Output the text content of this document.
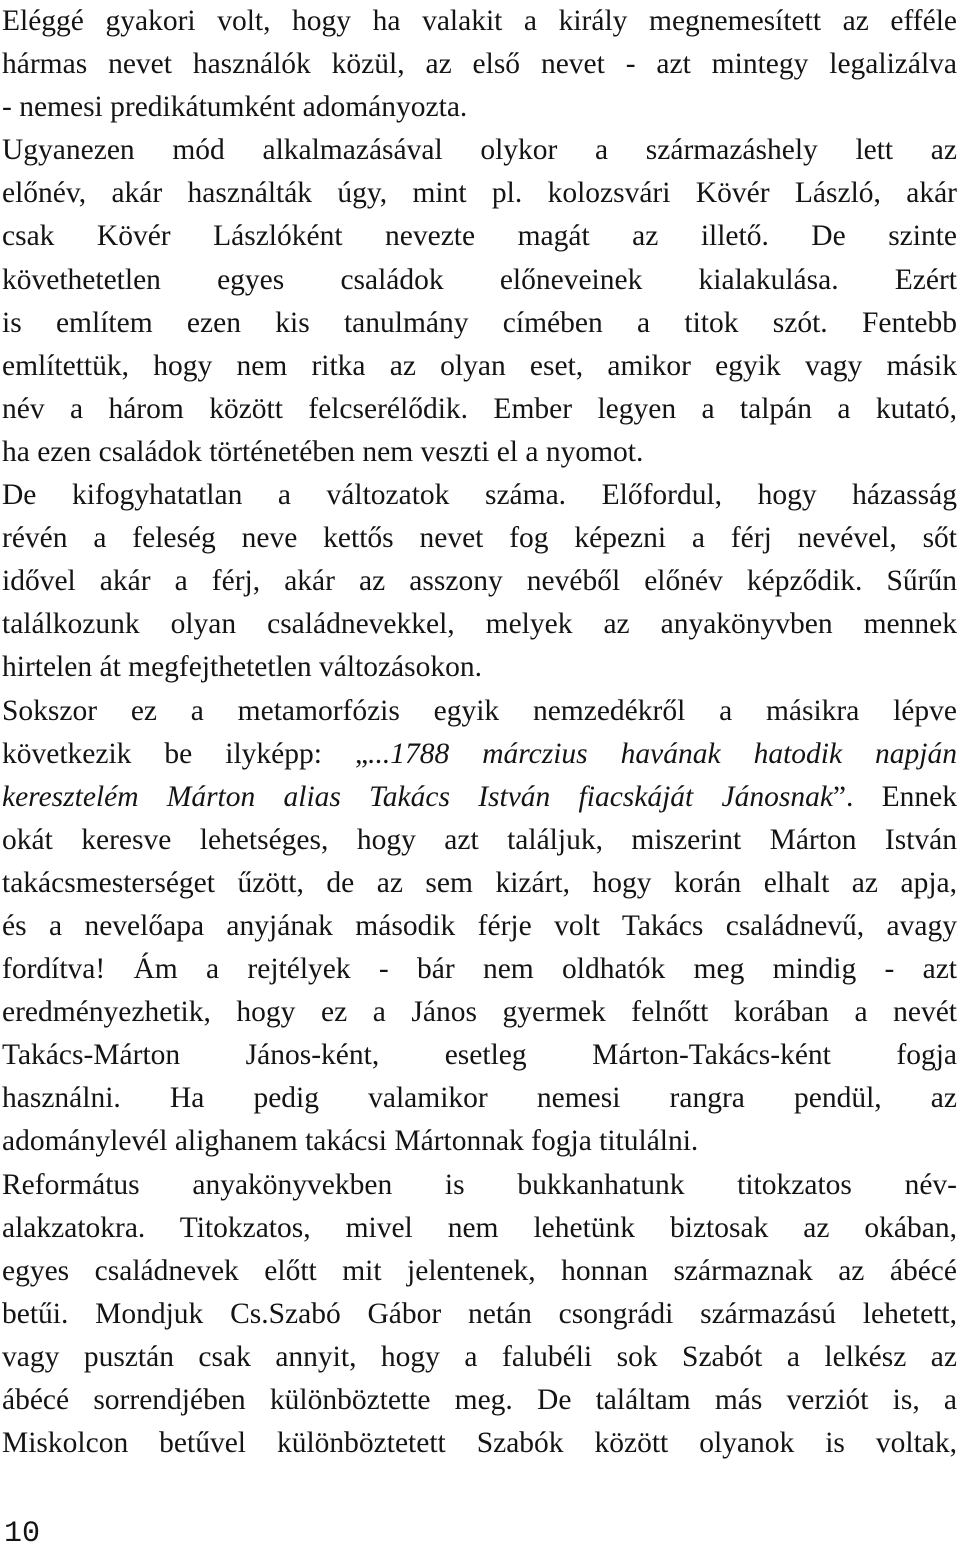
Eléggé gyakori volt, hogy ha valakit a király megnemesített az efféle
hármas nevet használók közül, az első nevet - azt mintegy legalizálva
- nemesi predikátumként adományozta.
Ugyanezen mód alkalmazásával olykor a származáshely lett az
előnév, akár használták úgy, mint pl. kolozsvári Kövér László, akár
csak Kövér Lászlóként nevezte magát az illető. De szinte
követhetetlen egyes családok előneveinek kialakulása. Ezért
is említem ezen kis tanulmány címében a titok szót. Fentebb
említettük, hogy nem ritka az olyan eset, amikor egyik vagy másik
név a három között felcserélődik. Ember legyen a talpán a kutató,
ha ezen családok történetében nem veszti el a nyomot.
De kifogyhatatlan a változatok száma. Előfordul, hogy házasság
révén a feleség neve kettős nevet fog képezni a férj nevével, sőt
idővel akár a férj, akár az asszony nevéből előnév képződik. Sűrűn
találkozunk olyan családnevekkel, melyek az anyakönyvben mennek
hirtelen át megfejthetetlen változásokon.
Sokszor ez a metamorfózis egyik nemzedékről a másikra lépve
következik be ilyképp: „...1788 márczius havának hatodik napján
keresztelém Márton alias Takács István fiacskáját Jánosnak”. Ennek
okát keresve lehetséges, hogy azt találjuk, miszerint Márton István
takácsmesterséget űzött, de az sem kizárt, hogy korán elhalt az apja,
és a nevelőapa anyjának második férje volt Takács családnevű, avagy
fordítva! Ám a rejtélyek - bár nem oldhatók meg mindig - azt
eredményezhetik, hogy ez a János gyermek felnőtt korában a nevét
Takács-Márton János-ként, esetleg Márton-Takács-ként fogja
használni. Ha pedig valamikor nemesi rangra pendül, az
adománylevél alighanem takácsi Mártonnak fogja titulálni.
Református anyakönyvekben is bukkanhatunk titokzatos név-
alakzatokra. Titokzatos, mivel nem lehetünk biztosak az okában,
egyes családnevek előtt mit jelentenek, honnan származnak az ábécé
betűi. Mondjuk Cs.Szabó Gábor netán csongrádi származású lehetett,
vagy pusztán csak annyit, hogy a falubéli sok Szabót a lelkész az
ábécé sorrendjében különböztette meg. De találtam más verziót is, a
Miskolcon betűvel különböztetett Szabók között olyanok is voltak,
10
